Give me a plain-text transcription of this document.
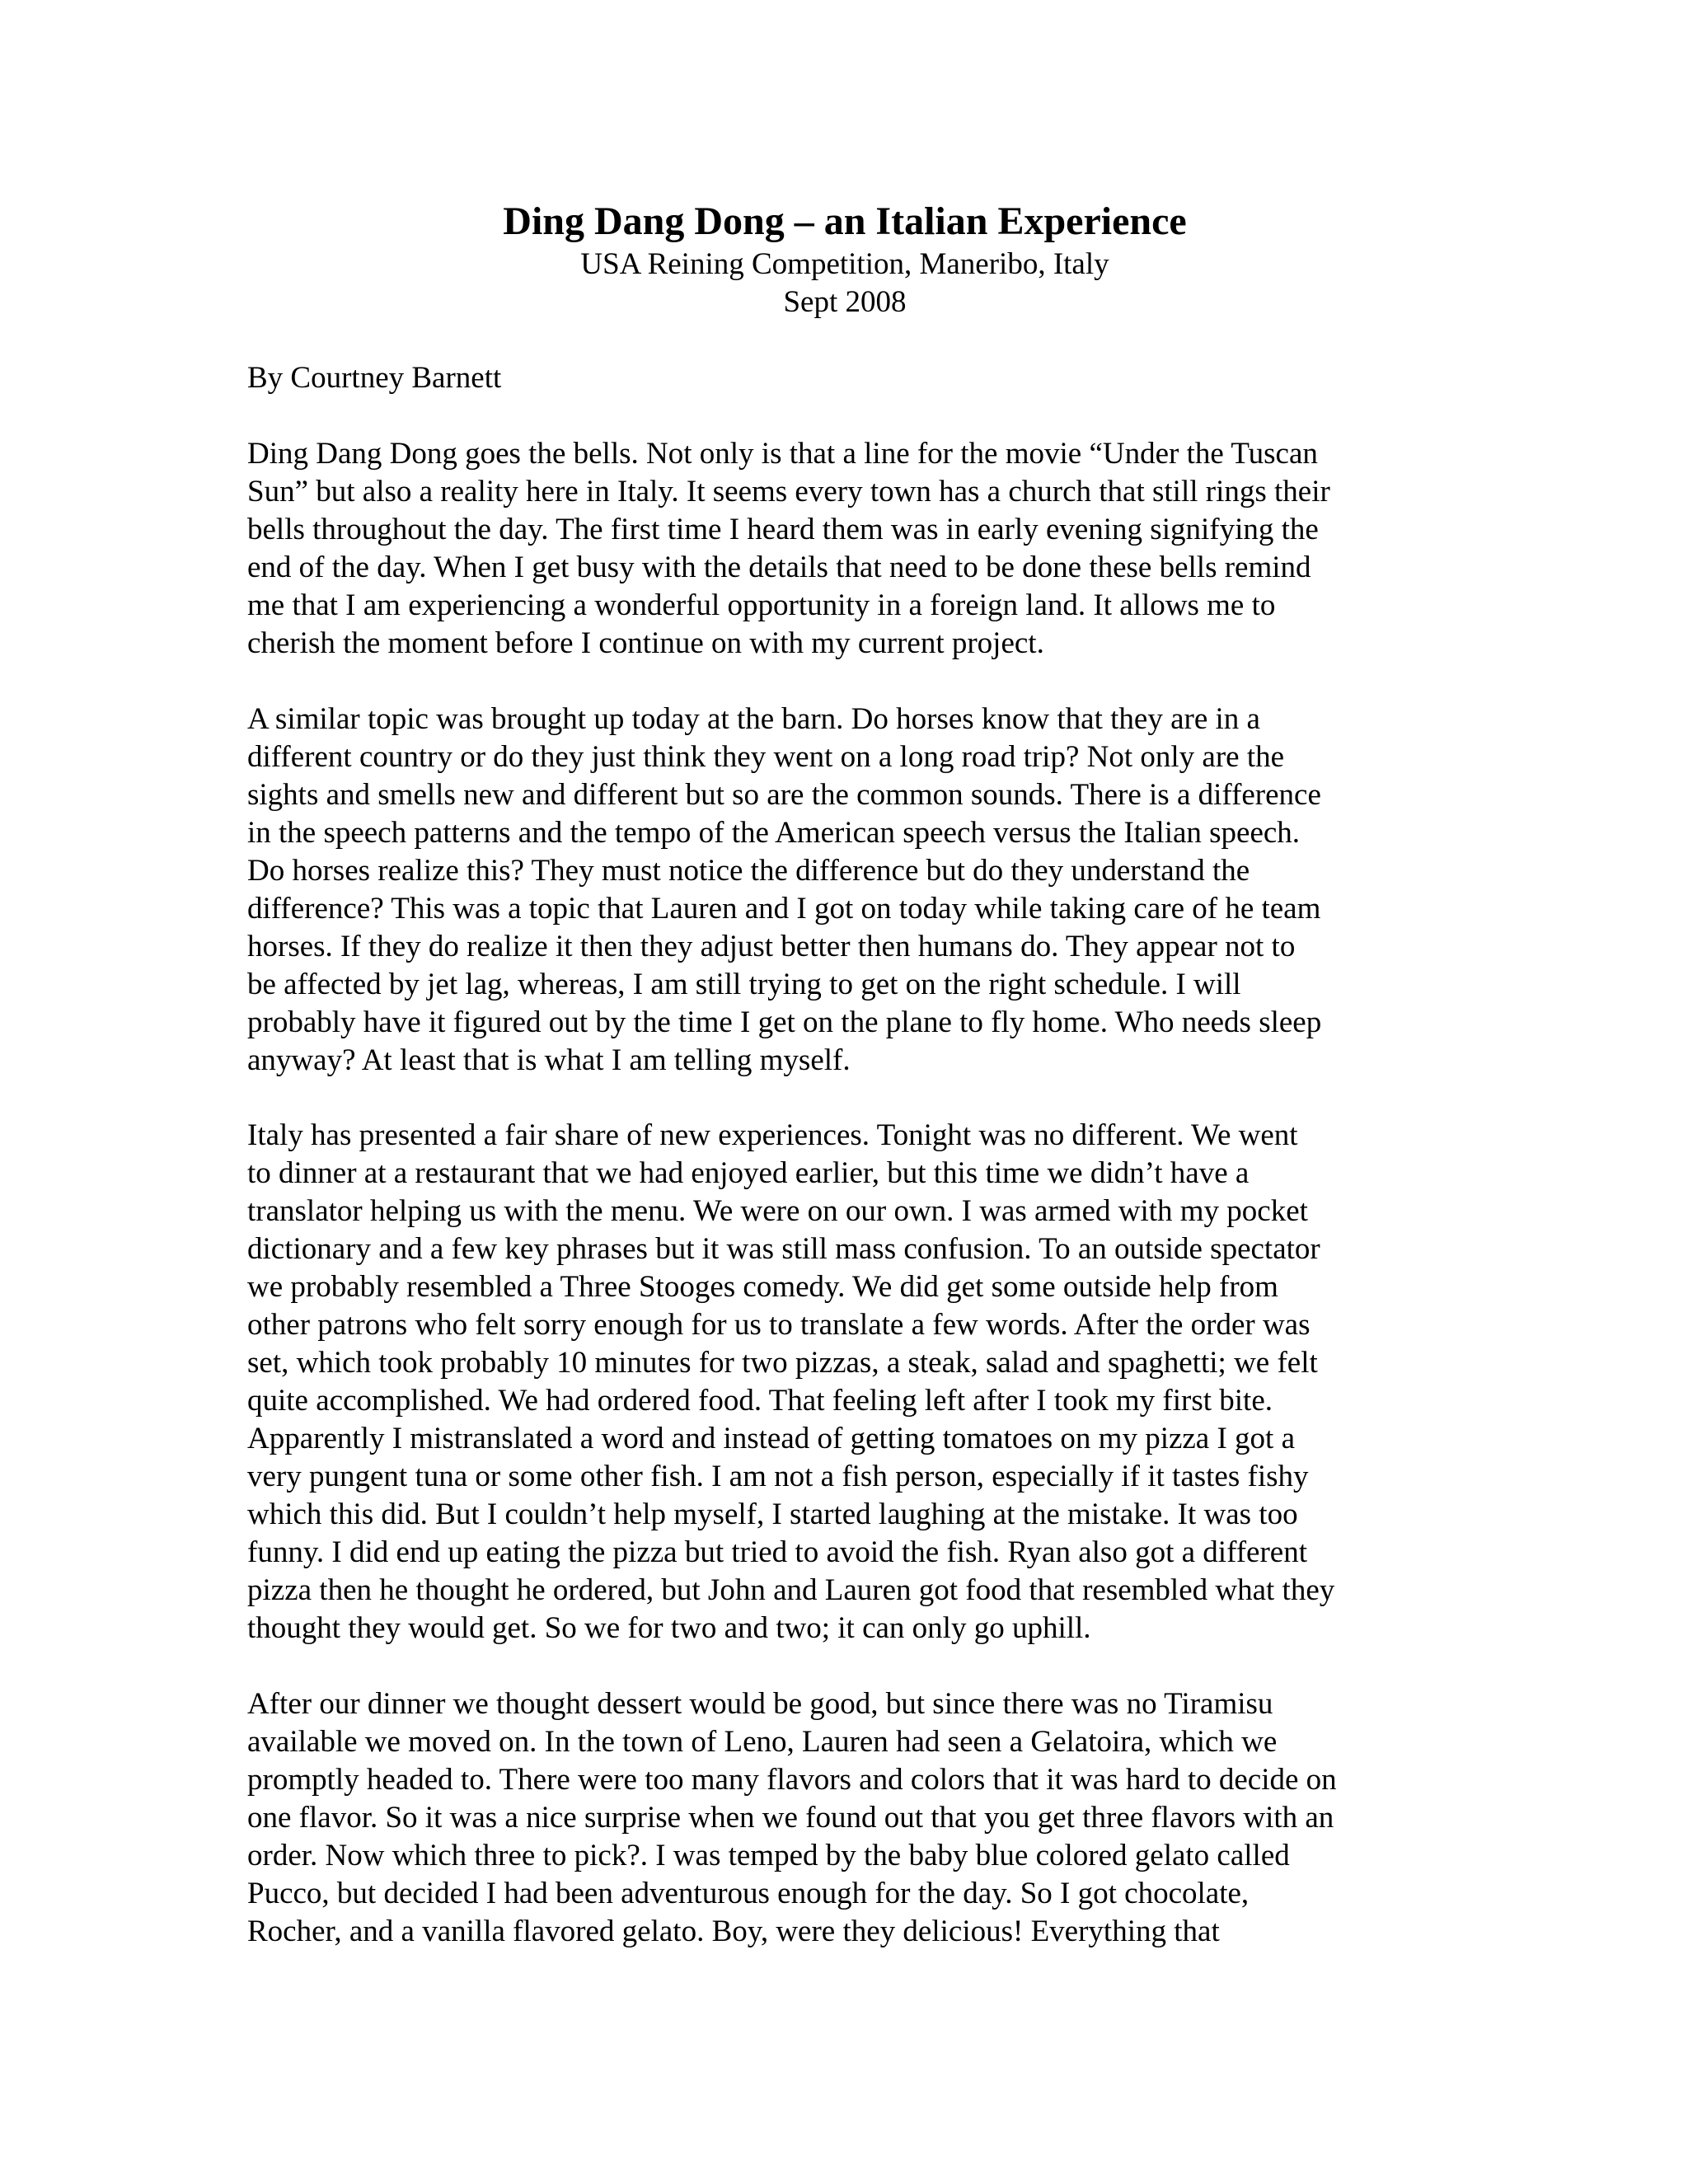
Ding Dang Dong – an Italian Experience

USA Reining Competition, Maneribo, Italy

Sept 2008

By Courtney Barnett

Ding Dang Dong goes the bells. Not only is that a line for the movie “Under the Tuscan
Sun” but also a reality here in Italy. It seems every town has a church that still rings their
bells throughout the day. The first time I heard them was in early evening signifying the
end of the day. When I get busy with the details that need to be done these bells remind
me that I am experiencing a wonderful opportunity in a foreign land. It allows me to
cherish the moment before I continue on with my current project.
A similar topic was brought up today at the barn. Do horses know that they are in a
different country or do they just think they went on a long road trip? Not only are the
sights and smells new and different but so are the common sounds. There is a difference
in the speech patterns and the tempo of the American speech versus the Italian speech.
Do horses realize this? They must notice the difference but do they understand the
difference? This was a topic that Lauren and I got on today while taking care of he team
horses. If they do realize it then they adjust better then humans do. They appear not to
be affected by jet lag, whereas, I am still trying to get on the right schedule. I will
probably have it figured out by the time I get on the plane to fly home. Who needs sleep
anyway? At least that is what I am telling myself.
Italy has presented a fair share of new experiences. Tonight was no different. We went
to dinner at a restaurant that we had enjoyed earlier, but this time we didn’t have a
translator helping us with the menu. We were on our own. I was armed with my pocket
dictionary and a few key phrases but it was still mass confusion. To an outside spectator
we probably resembled a Three Stooges comedy. We did get some outside help from
other patrons who felt sorry enough for us to translate a few words. After the order was
set, which took probably 10 minutes for two pizzas, a steak, salad and spaghetti; we felt
quite accomplished. We had ordered food. That feeling left after I took my first bite.
Apparently I mistranslated a word and instead of getting tomatoes on my pizza I got a
very pungent tuna or some other fish. I am not a fish person, especially if it tastes fishy
which this did. But I couldn’t help myself, I started laughing at the mistake. It was too
funny. I did end up eating the pizza but tried to avoid the fish. Ryan also got a different
pizza then he thought he ordered, but John and Lauren got food that resembled what they
thought they would get. So we for two and two; it can only go uphill.
After our dinner we thought dessert would be good, but since there was no Tiramisu
available we moved on. In the town of Leno, Lauren had seen a Gelatoira, which we
promptly headed to. There were too many flavors and colors that it was hard to decide on
one flavor. So it was a nice surprise when we found out that you get three flavors with an
order. Now which three to pick?. I was temped by the baby blue colored gelato called
Pucco, but decided I had been adventurous enough for the day. So I got chocolate,
Rocher, and a vanilla flavored gelato. Boy, were they delicious! Everything that
